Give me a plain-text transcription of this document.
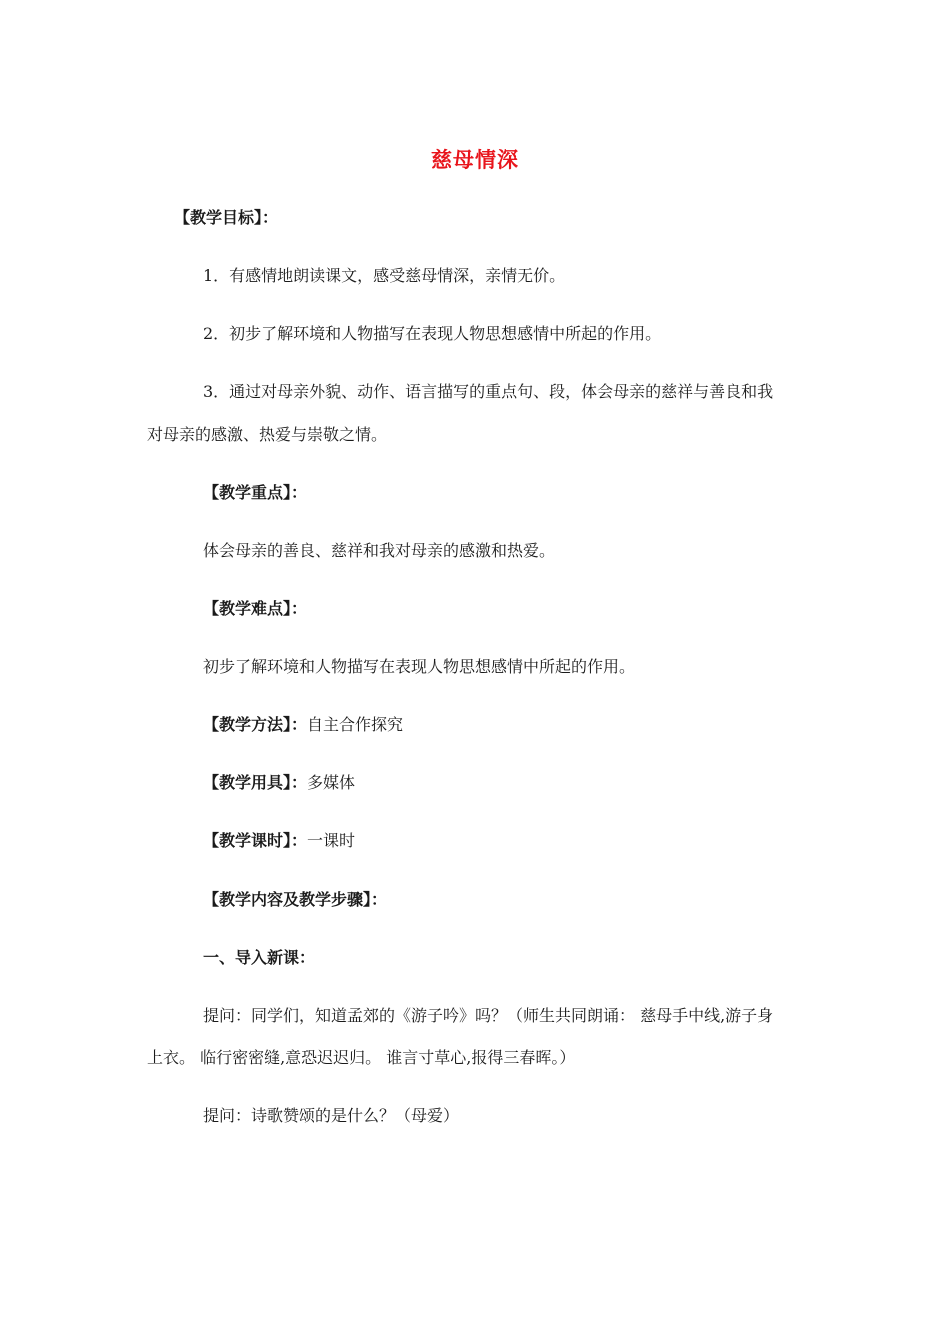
慈母情深
【教学目标】：
1．有感情地朗读课文，感受慈母情深，亲情无价。
2．初步了解环境和人物描写在表现人物思想感情中所起的作用。
3．通过对母亲外貌、动作、语言描写的重点句、段，体会母亲的慈祥与善良和我
对母亲的感激、热爱与崇敬之情。
【教学重点】：
体会母亲的善良、慈祥和我对母亲的感激和热爱。
【教学难点】：
初步了解环境和人物描写在表现人物思想感情中所起的作用。
【教学方法】：自主合作探究
【教学用具】：多媒体
【教学课时】：一课时
【教学内容及教学步骤】：
一、导入新课：
提问：同学们，知道孟郊的《游子吟》吗？（师生共同朗诵： 慈母手中线,游子身
上衣。 临行密密缝,意恐迟迟归。 谁言寸草心,报得三春晖。）
提问：诗歌赞颂的是什么？（母爱）
